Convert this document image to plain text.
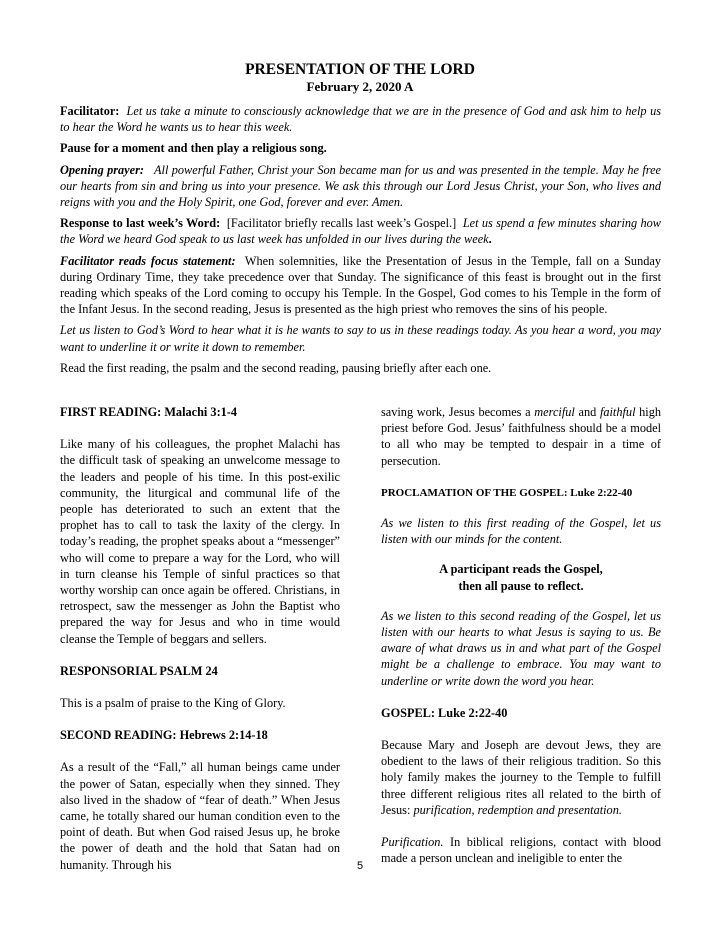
PRESENTATION OF THE LORD
February 2, 2020 A

Facilitator: Let us take a minute to consciously acknowledge that we are in the presence of God and ask him to help us to hear the Word he wants us to hear this week.

Pause for a moment and then play a religious song.

Opening prayer: All powerful Father, Christ your Son became man for us and was presented in the temple. May he free our hearts from sin and bring us into your presence. We ask this through our Lord Jesus Christ, your Son, who lives and reigns with you and the Holy Spirit, one God, forever and ever. Amen.

Response to last week’s Word: [Facilitator briefly recalls last week’s Gospel.] Let us spend a few minutes sharing how the Word we heard God speak to us last week has unfolded in our lives during the week.

Facilitator reads focus statement: When solemnities, like the Presentation of Jesus in the Temple, fall on a Sunday during Ordinary Time, they take precedence over that Sunday. The significance of this feast is brought out in the first reading which speaks of the Lord coming to occupy his Temple. In the Gospel, God comes to his Temple in the form of the Infant Jesus. In the second reading, Jesus is presented as the high priest who removes the sins of his people.

Let us listen to God’s Word to hear what it is he wants to say to us in these readings today. As you hear a word, you may want to underline it or write it down to remember.

Read the first reading, the psalm and the second reading, pausing briefly after each one.

FIRST READING: Malachi 3:1-4

Like many of his colleagues, the prophet Malachi has the difficult task of speaking an unwelcome message to the leaders and people of his time. In this post-exilic community, the liturgical and communal life of the people has deteriorated to such an extent that the prophet has to call to task the laxity of the clergy. In today’s reading, the prophet speaks about a “messenger” who will come to prepare a way for the Lord, who will in turn cleanse his Temple of sinful practices so that worthy worship can once again be offered. Christians, in retrospect, saw the messenger as John the Baptist who prepared the way for Jesus and who in time would cleanse the Temple of beggars and sellers.

RESPONSORIAL PSALM 24

This is a psalm of praise to the King of Glory.

SECOND READING: Hebrews 2:14-18

As a result of the “Fall,” all human beings came under the power of Satan, especially when they sinned. They also lived in the shadow of “fear of death.” When Jesus came, he totally shared our human condition even to the point of death. But when God raised Jesus up, he broke the power of death and the hold that Satan had on humanity. Through his

saving work, Jesus becomes a merciful and faithful high priest before God. Jesus’ faithfulness should be a model to all who may be tempted to despair in a time of persecution.

PROCLAMATION OF THE GOSPEL: Luke 2:22-40

As we listen to this first reading of the Gospel, let us listen with our minds for the content.

A participant reads the Gospel,

then all pause to reflect.

As we listen to this second reading of the Gospel, let us listen with our hearts to what Jesus is saying to us. Be aware of what draws us in and what part of the Gospel might be a challenge to embrace. You may want to underline or write down the word you hear.

GOSPEL: Luke 2:22-40

Because Mary and Joseph are devout Jews, they are obedient to the laws of their religious tradition. So this holy family makes the journey to the Temple to fulfill three different religious rites all related to the birth of Jesus: purification, redemption and presentation.

Purification. In biblical religions, contact with blood made a person unclean and ineligible to enter the

5
